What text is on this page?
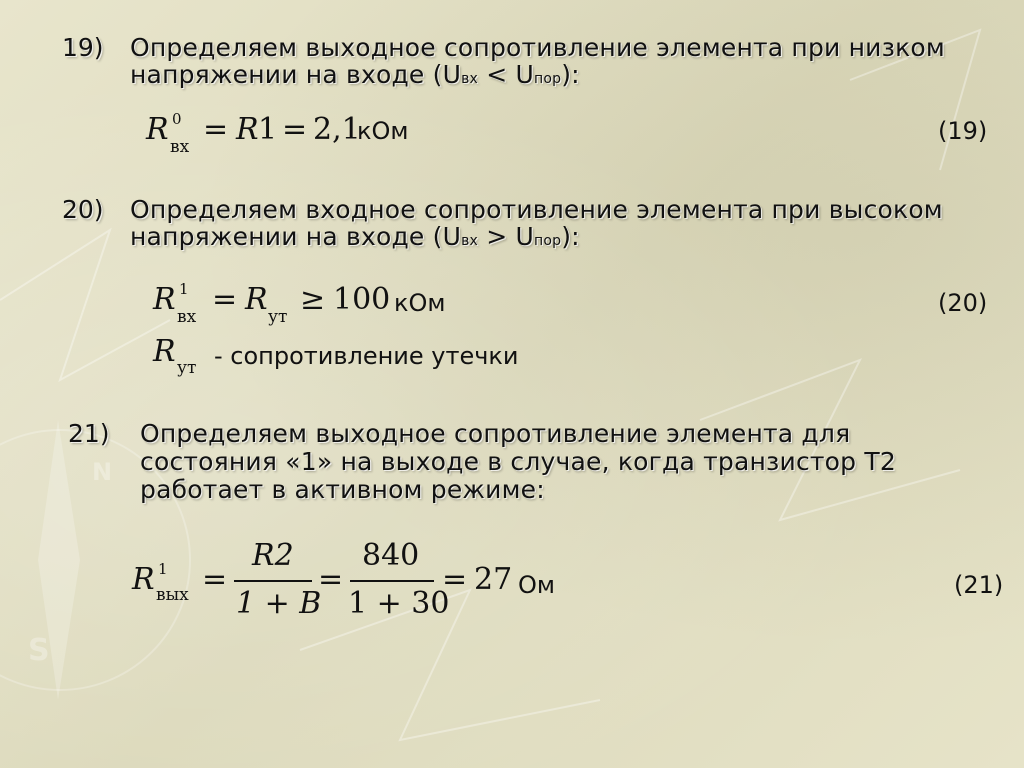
S
N
19) Определяем выходное сопротивление элемента при низком
напряжении на входе (Uвх < Uпор):
R 0
вх = R 1 = 2,1
кОм	(19)
20) Определяем входное сопротивление элемента при высоком
напряжении на входе (Uвх > Uпор):
R 1
вх = R ут ≥ 100 кОм	(20)
R ут - сопротивление утечки
21) Определяем выходное сопротивление элемента для
состояния «1» на выходе в случае, когда транзистор Т2
работает в активном режиме:
R 1
вых =
R2
1 + B
=
840
1 + 30
= 27 Ом	(21)
